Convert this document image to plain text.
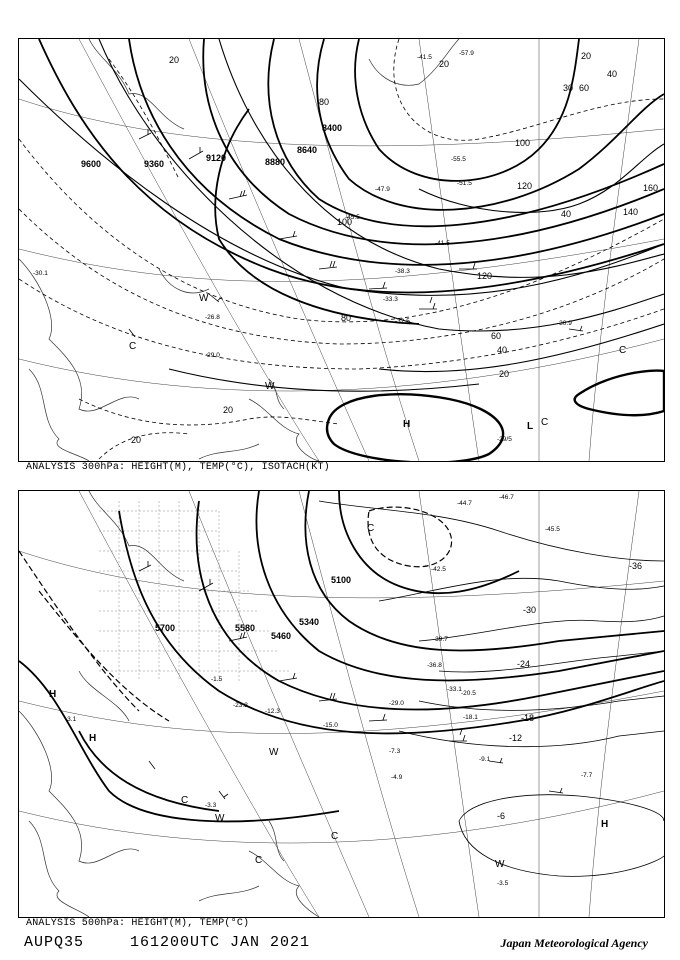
9600	9360
9120	8880
8640
8400
20	20
40
60
80
100
120
140
160
100
120
80
60
40
20
20
20
40
30
20
-41.5
-57.9
-55.5
-51.5
-47.9
-45.5
-41.5
-38.3
-33.3
-32.5	-30.9
-30.1
-29.0
-26.8
-29/5
H	L
C
C
C
W
W
ANALYSIS 300hPa: HEIGHT(M), TEMP(°C), ISOTACH(KT)
5700	5580
5460
5340
5100
-36
-30
-24
-18
-12
-6
-44.7
-46.7
-45.5
-42.5
-39.7
-36.8
-33.1
-29.0
-23.8
-20.5
-18.1
-15.0
-12.3
-9.1
-7.7
-7.3
-4.9
-3.5
-3.3
-3.1
-1.5
H
H
H
C
C
C
C
W
W
W
ANALYSIS 500hPa: HEIGHT(M), TEMP(°C)
AUPQ35	161200UTC JAN 2021	Japan Meteorological Agency
